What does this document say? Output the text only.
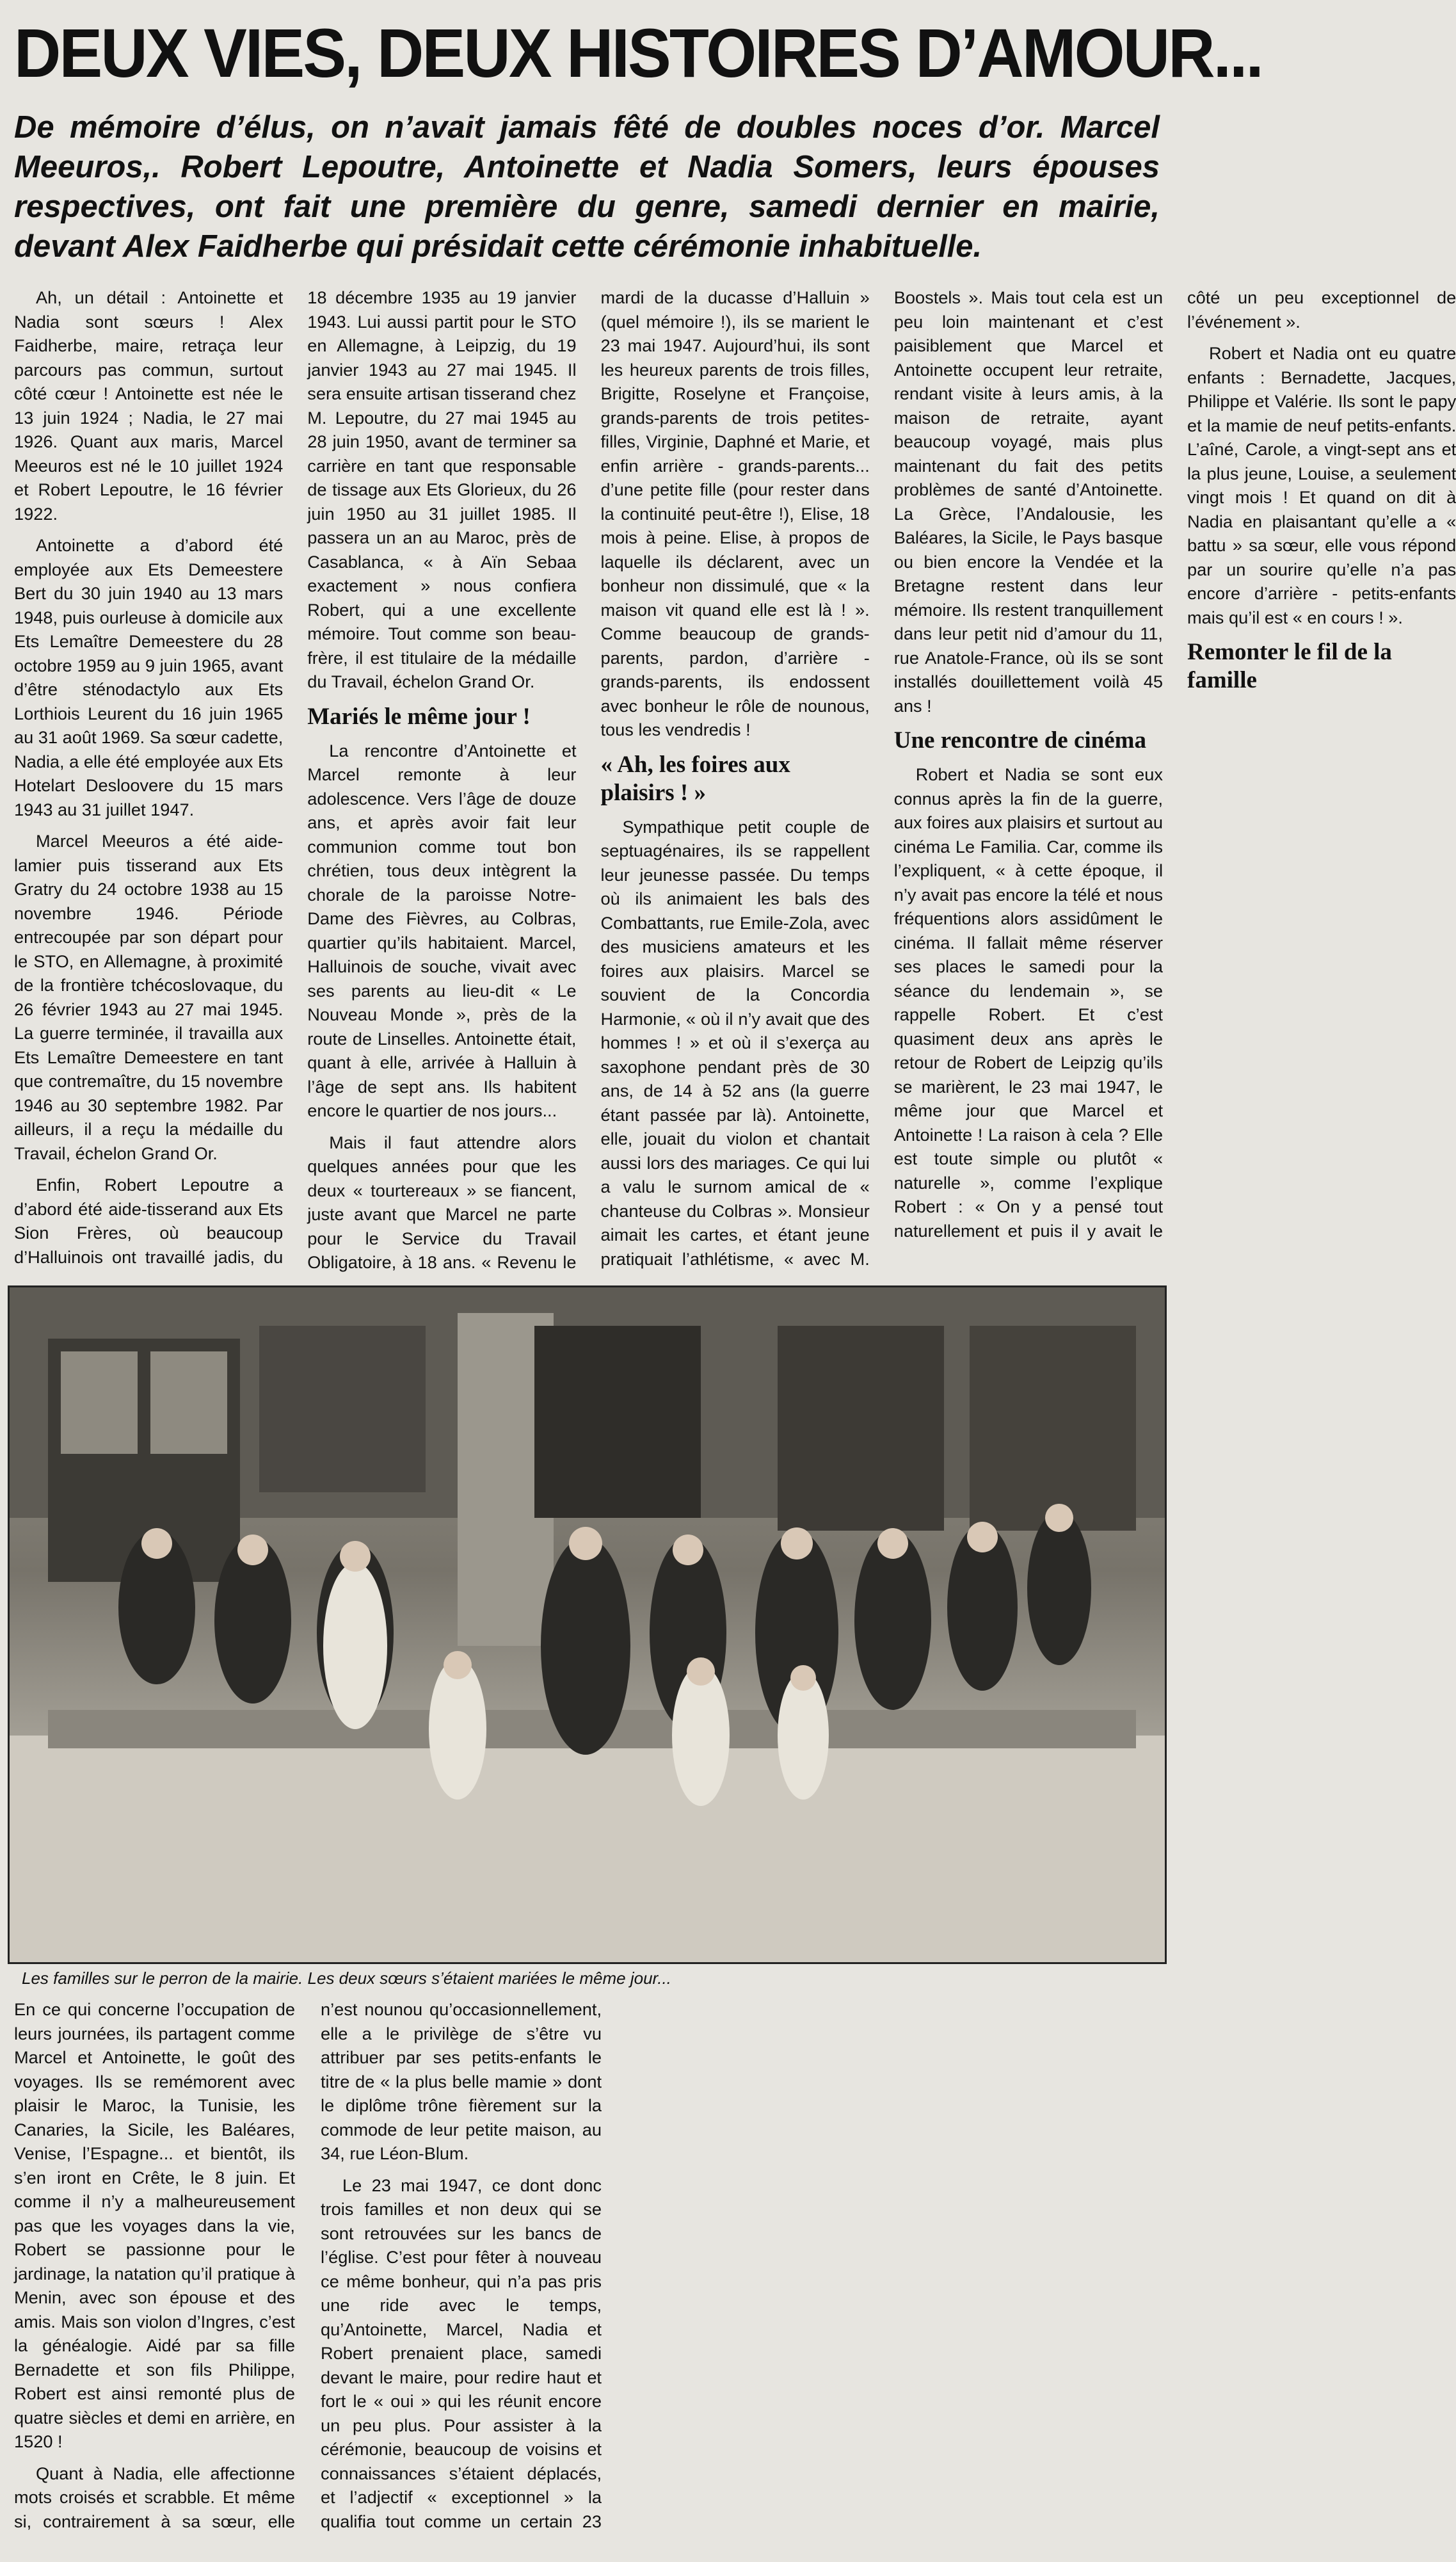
DEUX VIES, DEUX HISTOIRES D’AMOUR...

De mémoire d’élus, on n’avait jamais fêté de doubles noces d’or. Marcel Meeuros,. Robert Lepoutre, Antoinette et Nadia Somers, leurs épouses respectives, ont fait une première du genre, samedi dernier en mairie, devant Alex Faidherbe qui présidait cette cérémonie inhabituelle.

Ah, un détail : Antoinette et Nadia sont sœurs ! Alex Faidherbe, maire, retraça leur parcours pas commun, surtout côté cœur ! Antoinette est née le 13 juin 1924 ; Nadia, le 27 mai 1926. Quant aux maris, Marcel Meeuros est né le 10 juillet 1924 et Robert Lepoutre, le 16 février 1922.

Antoinette a d’abord été employée aux Ets Demeestere Bert du 30 juin 1940 au 13 mars 1948, puis ourleuse à domicile aux Ets Lemaître Demeestere du 28 octobre 1959 au 9 juin 1965, avant d’être sténodactylo aux Ets Lorthiois Leurent du 16 juin 1965 au 31 août 1969. Sa sœur cadette, Nadia, a elle été employée aux Ets Hotelart Desloovere du 15 mars 1943 au 31 juillet 1947.

Marcel Meeuros a été aide-lamier puis tisserand aux Ets Gratry du 24 octobre 1938 au 15 novembre 1946. Période entrecoupée par son départ pour le STO, en Allemagne, à proximité de la frontière tchécoslovaque, du 26 février 1943 au 27 mai 1945. La guerre terminée, il travailla aux Ets Lemaître Demeestere en tant que contremaître, du 15 novembre 1946 au 30 septembre 1982. Par ailleurs, il a reçu la médaille du Travail, échelon Grand Or.

Enfin, Robert Lepoutre a d’abord été aide-tisserand aux Ets Sion Frères, où beaucoup d’Halluinois ont travaillé jadis, du 18 décembre 1935 au 19 janvier 1943. Lui aussi partit pour le STO en Allemagne, à Leipzig, du 19 janvier 1943 au 27 mai 1945. Il sera ensuite artisan tisserand chez M. Lepoutre, du 27 mai 1945 au 28 juin 1950, avant de terminer sa carrière en tant que responsable de tissage aux Ets Glorieux, du 26 juin 1950 au 31 juillet 1985. Il passera un an au Maroc, près de Casablanca, « à Aïn Sebaa exactement » nous confiera Robert, qui a une excellente mémoire. Tout comme son beau-frère, il est titulaire de la médaille du Travail, échelon Grand Or.

Mariés le même jour !

La rencontre d’Antoinette et Marcel remonte à leur adolescence. Vers l’âge de douze ans, et après avoir fait leur communion comme tout bon chrétien, tous deux intègrent la chorale de la paroisse Notre-Dame des Fièvres, au Colbras, quartier qu’ils habitaient. Marcel, Halluinois de souche, vivait avec ses parents au lieu-dit « Le Nouveau Monde », près de la route de Linselles. Antoinette était, quant à elle, arrivée à Halluin à l’âge de sept ans. Ils habitent encore le quartier de nos jours...

Mais il faut attendre alors quelques années pour que les deux « tourtereaux » se fiancent, juste avant que Marcel ne parte pour le Service du Travail Obligatoire, à 18 ans. « Revenu le mardi de la ducasse d’Halluin » (quel mémoire !), ils se marient le 23 mai 1947. Aujourd’hui, ils sont les heureux parents de trois filles, Brigitte, Roselyne et Françoise, grands-parents de trois petites-filles, Virginie, Daphné et Marie, et enfin arrière - grands-parents... d’une petite fille (pour rester dans la continuité peut-être !), Elise, 18 mois à peine. Elise, à propos de laquelle ils déclarent, avec un bonheur non dissimulé, que « la maison vit quand elle est là ! ». Comme beaucoup de grands-parents, pardon, d’arrière - grands-parents, ils endossent avec bonheur le rôle de nounous, tous les vendredis !

« Ah, les foires aux plaisirs ! »

Sympathique petit couple de septuagénaires, ils se rappellent leur jeunesse passée. Du temps où ils animaient les bals des Combattants, rue Emile-Zola, avec des musiciens amateurs et les foires aux plaisirs. Marcel se souvient de la Concordia Harmonie, « où il n’y avait que des hommes ! » et où il s’exerça au saxophone pendant près de 30 ans, de 14 à 52 ans (la guerre étant passée par là). Antoinette, elle, jouait du violon et chantait aussi lors des mariages. Ce qui lui a valu le surnom amical de « chanteuse du Colbras ». Monsieur aimait les cartes, et étant jeune pratiquait l’athlétisme, « avec M. Boostels ». Mais tout cela est un peu loin maintenant et c’est paisiblement que Marcel et Antoinette occupent leur retraite, rendant visite à leurs amis, à la maison de retraite, ayant beaucoup voyagé, mais plus maintenant du fait des petits problèmes de santé d’Antoinette. La Grèce, l’Andalousie, les Baléares, la Sicile, le Pays basque ou bien encore la Vendée et la Bretagne restent dans leur mémoire. Ils restent tranquillement dans leur petit nid d’amour du 11, rue Anatole-France, où ils se sont installés douillettement voilà 45 ans !

Une rencontre de cinéma

Robert et Nadia se sont eux connus après la fin de la guerre, aux foires aux plaisirs et surtout au cinéma Le Familia. Car, comme ils l’expliquent, « à cette époque, il n’y avait pas encore la télé et nous fréquentions alors assidûment le cinéma. Il fallait même réserver ses places le samedi pour la séance du lendemain », se rappelle Robert. Et c’est quasiment deux ans après le retour de Robert de Leipzig qu’ils se marièrent, le 23 mai 1947, le même jour que Marcel et Antoinette ! La raison à cela ? Elle est toute simple ou plutôt « naturelle », comme l’explique Robert : « On y a pensé tout naturellement et puis il y avait le côté un peu exceptionnel de l’événement ».

Robert et Nadia ont eu quatre enfants : Bernadette, Jacques, Philippe et Valérie. Ils sont le papy et la mamie de neuf petits-enfants. L’aîné, Carole, a vingt-sept ans et la plus jeune, Louise, a seulement vingt mois ! Et quand on dit à Nadia en plaisantant qu’elle a « battu » sa sœur, elle vous répond par un sourire qu’elle n’a pas encore d’arrière - petits-enfants mais qu’il est « en cours ! ».

Remonter le fil de la famille

Les familles sur le perron de la mairie. Les deux sœurs s’étaient mariées le même jour...

En ce qui concerne l’occupation de leurs journées, ils partagent comme Marcel et Antoinette, le goût des voyages. Ils se remémorent avec plaisir le Maroc, la Tunisie, les Canaries, la Sicile, les Baléares, Venise, l’Espagne... et bientôt, ils s’en iront en Crête, le 8 juin. Et comme il n’y a malheureusement pas que les voyages dans la vie, Robert se passionne pour le jardinage, la natation qu’il pratique à Menin, avec son épouse et des amis. Mais son violon d’Ingres, c’est la généalogie. Aidé par sa fille Bernadette et son fils Philippe, Robert est ainsi remonté plus de quatre siècles et demi en arrière, en 1520 !

Quant à Nadia, elle affectionne mots croisés et scrabble. Et même si, contrairement à sa sœur, elle n’est nounou qu’occasionnellement, elle a le privilège de s’être vu attribuer par ses petits-enfants le titre de « la plus belle mamie » dont le diplôme trône fièrement sur la commode de leur petite maison, au 34, rue Léon-Blum.

Le 23 mai 1947, ce dont donc trois familles et non deux qui se sont retrouvées sur les bancs de l’église. C’est pour fêter à nouveau ce même bonheur, qui n’a pas pris une ride avec le temps, qu’Antoinette, Marcel, Nadia et Robert prenaient place, samedi devant le maire, pour redire haut et fort le « oui » qui les réunit encore un peu plus. Pour assister à la cérémonie, beaucoup de voisins et connaissances s’étaient déplacés, et l’adjectif « exceptionnel » la qualifia tout comme un certain 23
